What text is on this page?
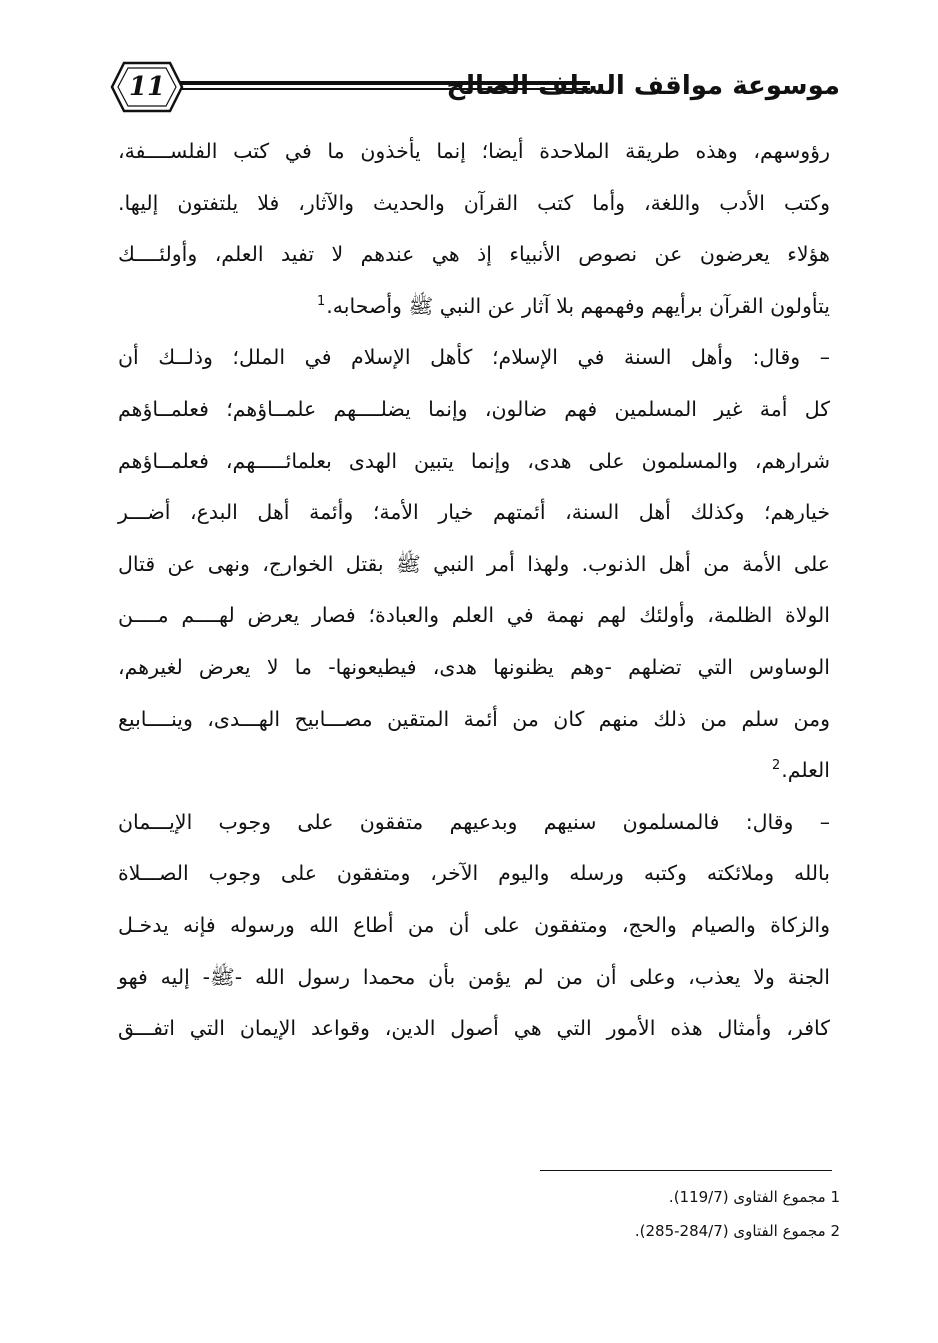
11	موسوعة مواقف السلف الصالح
رؤوسهم، وهذه طريقة الملاحدة أيضا؛ إنما يأخذون ما في كتب الفلســــفة،
وكتب الأدب واللغة، وأما كتب القرآن والحديث والآثار، فلا يلتفتون إليها.
هؤلاء يعرضون عن نصوص الأنبياء إذ هي عندهم لا تفيد العلم، وأولئــــك
يتأولون القرآن برأيهم وفهمهم بلا آثار عن النبي ﷺ وأصحابه.$^1$
– وقال: وأهل السنة في الإسلام؛ كأهل الإسلام في الملل؛ وذلــك أن
كل أمة غير المسلمين فهم ضالون، وإنما يضلــــهم علمــاؤهم؛ فعلمــاؤهم
شرارهم، والمسلمون على هدى، وإنما يتبين الهدى بعلمائـــــهم، فعلمــاؤهم
خيارهم؛ وكذلك أهل السنة، أئمتهم خيار الأمة؛ وأئمة أهل البدع، أضـــر
على الأمة من أهل الذنوب. ولهذا أمر النبي ﷺ بقتل الخوارج، ونهى عن قتال
الولاة الظلمة، وأولئك لهم نهمة في العلم والعبادة؛ فصار يعرض لهــــم مــــن
الوساوس التي تضلهم -وهم يظنونها هدى، فيطيعونها- ما لا يعرض لغيرهم،
ومن سلم من ذلك منهم كان من أئمة المتقين مصـــابيح الهـــدى، وينــــابيع
العلم.$^2$
– وقال: فالمسلمون سنيهم وبدعيهم متفقون على وجوب الإيـــمان
بالله وملائكته وكتبه ورسله واليوم الآخر، ومتفقون على وجوب الصـــلاة
والزكاة والصيام والحج، ومتفقون على أن من أطاع الله ورسوله فإنه يدخـل
الجنة ولا يعذب، وعلى أن من لم يؤمن بأن محمدا رسول الله -ﷺ- إليه فهو
كافر، وأمثال هذه الأمور التي هي أصول الدين، وقواعد الإيمان التي اتفـــق
1 مجموع الفتاوى (119/7).
2 مجموع الفتاوى (284/7-285).
